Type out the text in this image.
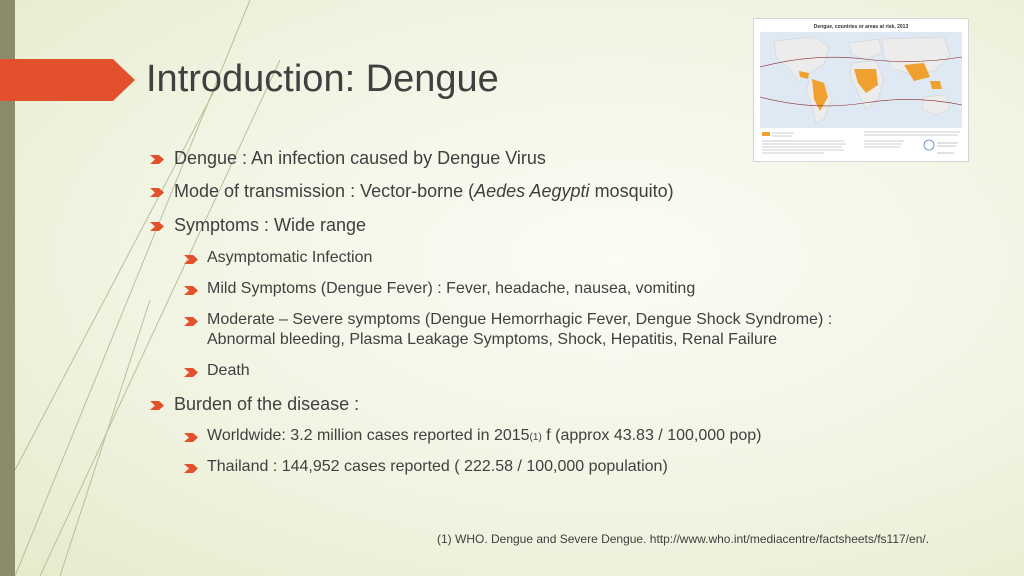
Introduction: Dengue
Dengue : An infection caused by Dengue Virus
Mode of transmission : Vector-borne (Aedes Aegypti mosquito)
Symptoms : Wide range
Asymptomatic Infection
Mild Symptoms (Dengue Fever) : Fever, headache, nausea, vomiting
Moderate – Severe symptoms (Dengue Hemorrhagic Fever, Dengue Shock Syndrome) :
Abnormal bleeding, Plasma Leakage Symptoms, Shock, Hepatitis, Renal Failure
Death
Burden of the disease :
Worldwide: 3.2 million cases reported in 2015(1) f (approx 43.83 / 100,000 pop)
Thailand : 144,952 cases reported ( 222.58 / 100,000 population)
Dengue, countries or areas at risk, 2013
(1) WHO. Dengue and Severe Dengue. http://www.who.int/mediacentre/factsheets/fs117/en/.
